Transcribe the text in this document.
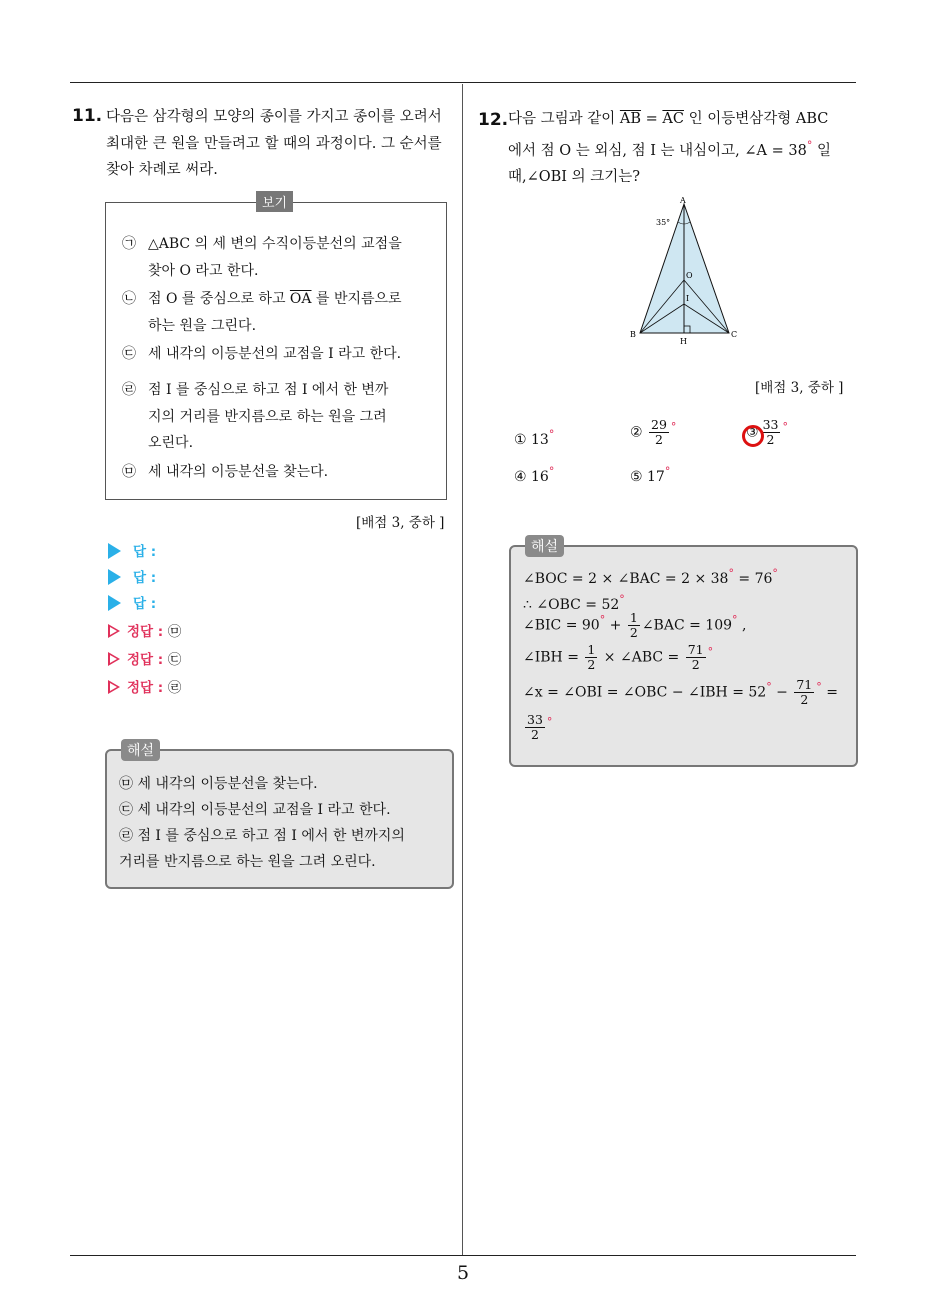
5
11. 다음은 삼각형의 모양의 종이를 가지고 종이를 오려서
최대한 큰 원을 만들려고 할 때의 과정이다. 그 순서를
찾아 차례로 써라.
보기
㉠ △ABC 의 세 변의 수직이등분선의 교점을
찾아 O 라고 한다.
㉡ 점 O 를 중심으로 하고 $\overline{OA}$ 를 반지름으로
하는 원을 그린다.
㉢ 세 내각의 이등분선의 교점을 I 라고 한다.
㉣ 점 I 를 중심으로 하고 점 I 에서 한 변까
지의 거리를 반지름으로 하는 원을 그려
오린다.
㉤ 세 내각의 이등분선을 찾는다.
[배점 3, 중하 ]
답 :
답 :
답 :
정답 : ㉤
정답 : ㉢
정답 : ㉣
해설
㉤ 세 내각의 이등분선을 찾는다.
㉢ 세 내각의 이등분선의 교점을 I 라고 한다.
㉣ 점 I 를 중심으로 하고 점 I 에서 한 변까지의
거리를 반지름으로 하는 원을 그려 오린다.
12. 다음 그림과 같이 $\overline{AB} = \overline{AC}$ 인 이등변삼각형 ABC
에서 점 O 는 외심, 점 I 는 내심이고, ∠A = 38° 일
때,∠OBI 의 크기는?
A
B	C
O
I
H
35°
[배점 3, 중하 ]
① 13°	② $\frac{29}{2} ^\circ$	③ $\frac{33}{2} ^\circ$
④ 16°	⑤ 17°
해설
∠BOC = 2 × ∠BAC = 2 × 38° = 76°
∴ ∠OBC = 52°
∠BIC = $90^\circ + \frac{1}{2}$ ∠BAC = 109° ,
∠IBH = $\frac{1}{2}$ × ∠ABC = $\frac{71}{2} ^\circ$
∠x = ∠OBI = ∠OBC − ∠IBH = $52^\circ - \frac{71}{2} ^\circ$ =
$\frac{33}{2} ^\circ$
